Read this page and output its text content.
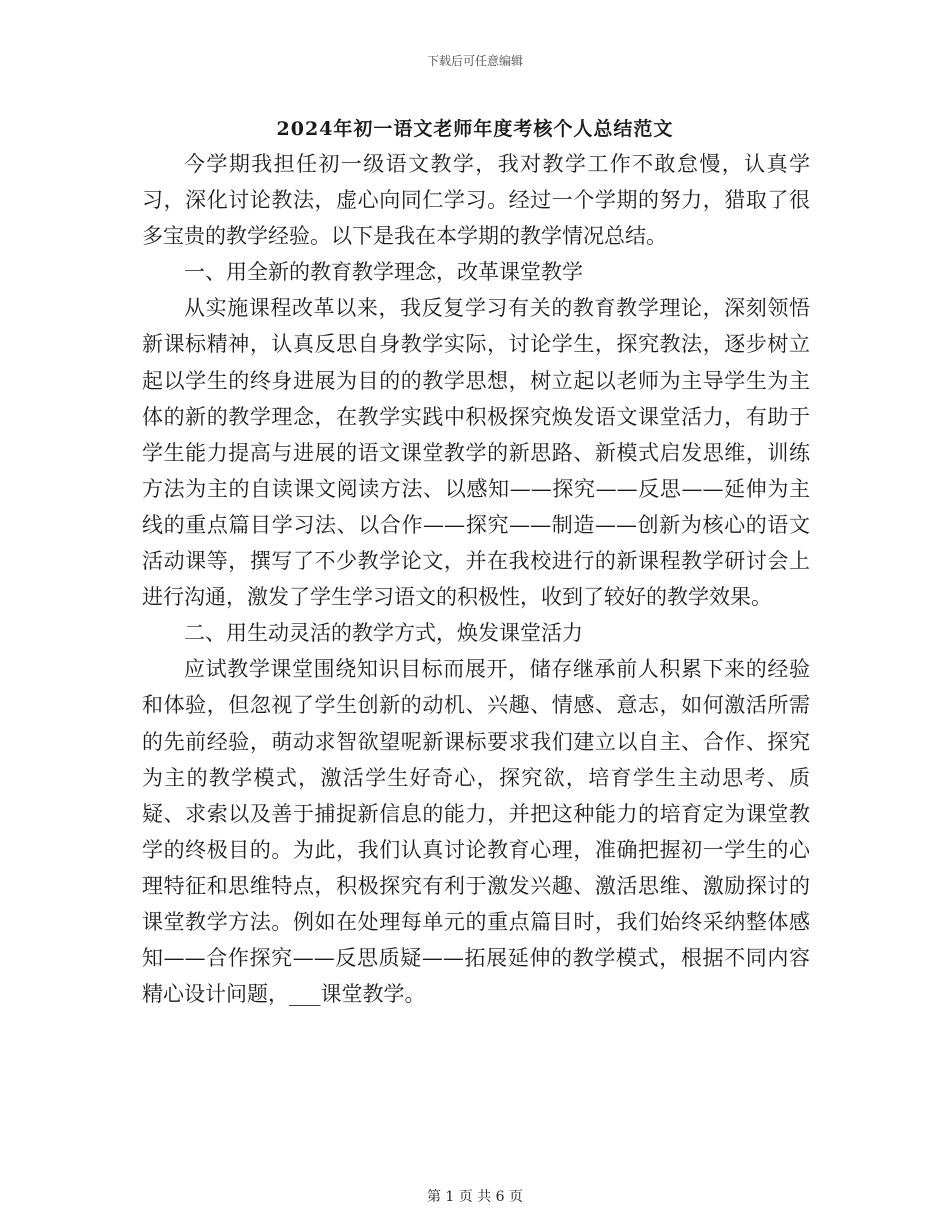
下载后可任意编辑
2024年初一语文老师年度考核个人总结范文

今学期我担任初一级语文教学，我对教学工作不敢怠慢，认真学习，深化讨论教法，虚心向同仁学习。经过一个学期的努力，猎取了很多宝贵的教学经验。以下是我在本学期的教学情况总结。

一、用全新的教育教学理念，改革课堂教学

从实施课程改革以来，我反复学习有关的教育教学理论，深刻领悟新课标精神，认真反思自身教学实际，讨论学生，探究教法，逐步树立起以学生的终身进展为目的的教学思想，树立起以老师为主导学生为主体的新的教学理念，在教学实践中积极探究焕发语文课堂活力，有助于学生能力提高与进展的语文课堂教学的新思路、新模式启发思维，训练方法为主的自读课文阅读方法、以感知——探究——反思——延伸为主线的重点篇目学习法、以合作——探究——制造——创新为核心的语文活动课等，撰写了不少教学论文，并在我校进行的新课程教学研讨会上进行沟通，激发了学生学习语文的积极性，收到了较好的教学效果。

二、用生动灵活的教学方式，焕发课堂活力

应试教学课堂围绕知识目标而展开，储存继承前人积累下来的经验和体验，但忽视了学生创新的动机、兴趣、情感、意志，如何激活所需的先前经验，萌动求智欲望呢新课标要求我们建立以自主、合作、探究为主的教学模式，激活学生好奇心，探究欲，培育学生主动思考、质疑、求索以及善于捕捉新信息的能力，并把这种能力的培育定为课堂教学的终极目的。为此，我们认真讨论教育心理，准确把握初一学生的心理特征和思维特点，积极探究有利于激发兴趣、激活思维、激励探讨的课堂教学方法。例如在处理每单元的重点篇目时，我们始终采纳整体感知——合作探究——反思质疑——拓展延伸的教学模式，根据不同内容精心设计问题，___课堂教学。

第 1 页 共 6 页
